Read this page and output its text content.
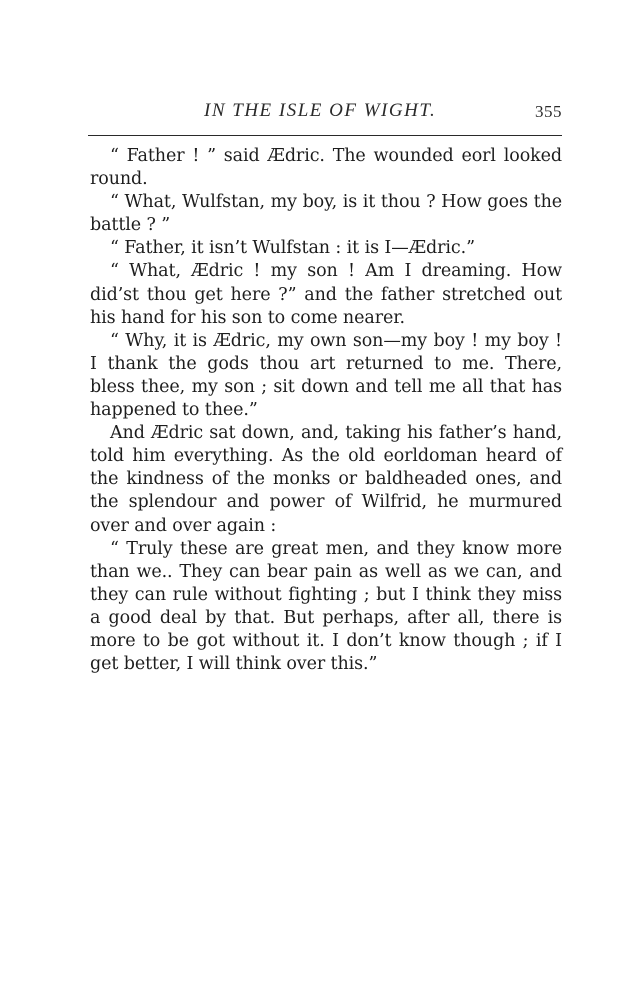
IN THE ISLE OF WIGHT.	355

“ Father ! ” said Ædric. The wounded eorl looked round.

“ What, Wulfstan, my boy, is it thou ? How goes the battle ? ”

“ Father, it isn’t Wulfstan : it is I—Ædric.”

“ What, Ædric ! my son ! Am I dreaming. How did’st thou get here ?” and the father stretched out his hand for his son to come nearer.

“ Why, it is Ædric, my own son—my boy ! my boy ! I thank the gods thou art returned to me. There, bless thee, my son ; sit down and tell me all that has happened to thee.”

And Ædric sat down, and, taking his father’s hand, told him everything. As the old eorldoman heard of the kindness of the monks or baldheaded ones, and the splendour and power of Wilfrid, he murmured over and over again :

“ Truly these are great men, and they know more than we.. They can bear pain as well as we can, and they can rule without fighting ; but I think they miss a good deal by that. But perhaps, after all, there is more to be got without it. I don’t know though ; if I get better, I will think over this.”
